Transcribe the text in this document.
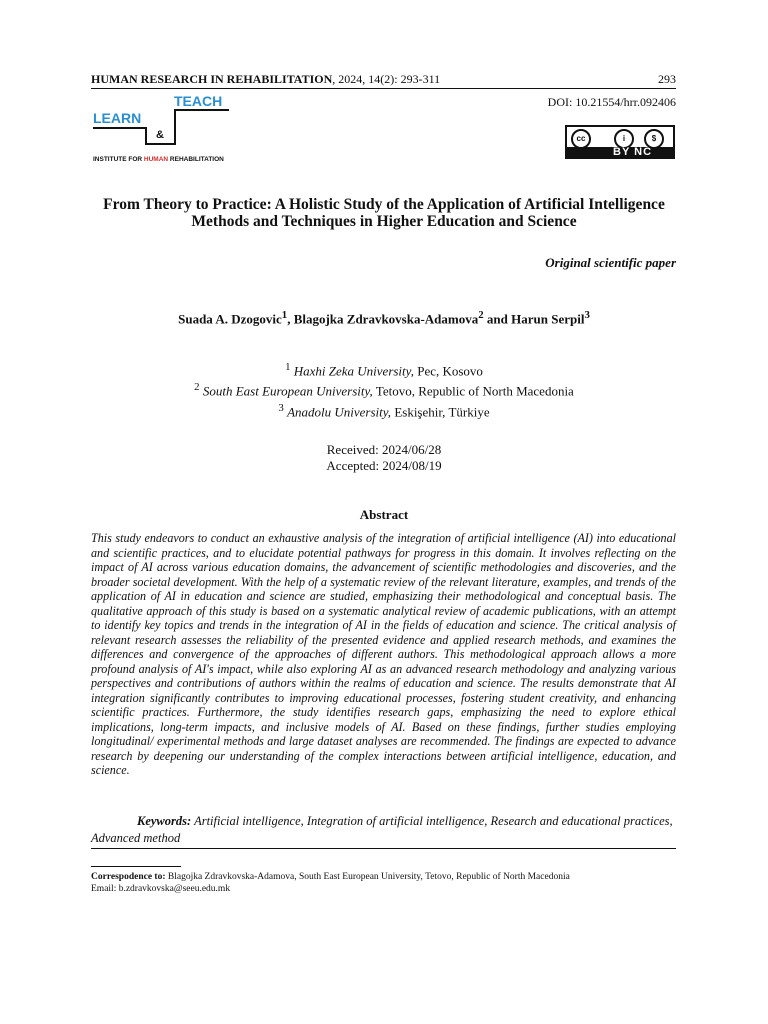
HUMAN RESEARCH IN REHABILITATION, 2024, 14(2): 293-311	293
DOI: 10.21554/hrr.092406
TEACH
LEARN
&
INSTITUTE FOR HUMAN REHABILITATION
cc	i	$
BY NC
From Theory to Practice: A Holistic Study of the Application of Artificial Intelligence Methods and Techniques in Higher Education and Science
Original scientific paper
Suada A. Dzogovic$^1$, Blagojka Zdravkovska-Adamova$^2$ and Harun Serpil$^3$
$^1$ Haxhi Zeka University, Pec, Kosovo
$^2$ South East European University, Tetovo, Republic of North Macedonia
$^3$ Anadolu University, Eskişehir, Türkiye
Received: 2024/06/28
Accepted: 2024/08/19
Abstract
This study endeavors to conduct an exhaustive analysis of the integration of artificial intelligence (AI) into educational and scientific practices, and to elucidate potential pathways for progress in this domain. It involves reflecting on the impact of AI across various education domains, the advancement of scientific methodologies and discoveries, and the broader societal development. With the help of a systematic review of the relevant literature, examples, and trends of the application of AI in education and science are studied, emphasizing their methodological and conceptual basis. The qualitative approach of this study is based on a systematic analytical review of academic publications, with an attempt to identify key topics and trends in the integration of AI in the fields of education and science. The critical analysis of relevant research assesses the reliability of the presented evidence and applied research methods, and examines the differences and convergence of the approaches of different authors. This methodological approach allows a more profound analysis of AI's impact, while also exploring AI as an advanced research methodology and analyzing various perspectives and contributions of authors within the realms of education and science. The results demonstrate that AI integration significantly contributes to improving educational processes, fostering student creativity, and enhancing scientific practices. Furthermore, the study identifies research gaps, emphasizing the need to explore ethical implications, long-term impacts, and inclusive models of AI. Based on these findings, further studies employing longitudinal/ experimental methods and large dataset analyses are recommended. The findings are expected to advance research by deepening our understanding of the complex interactions between artificial intelligence, education, and science.
Keywords: Artificial intelligence, Integration of artificial intelligence, Research and educational practices, Advanced method
Correspodence to: Blagojka Zdravkovska-Adamova, South East European University, Tetovo, Republic of North Macedonia
Email: b.zdravkovska@seeu.edu.mk
